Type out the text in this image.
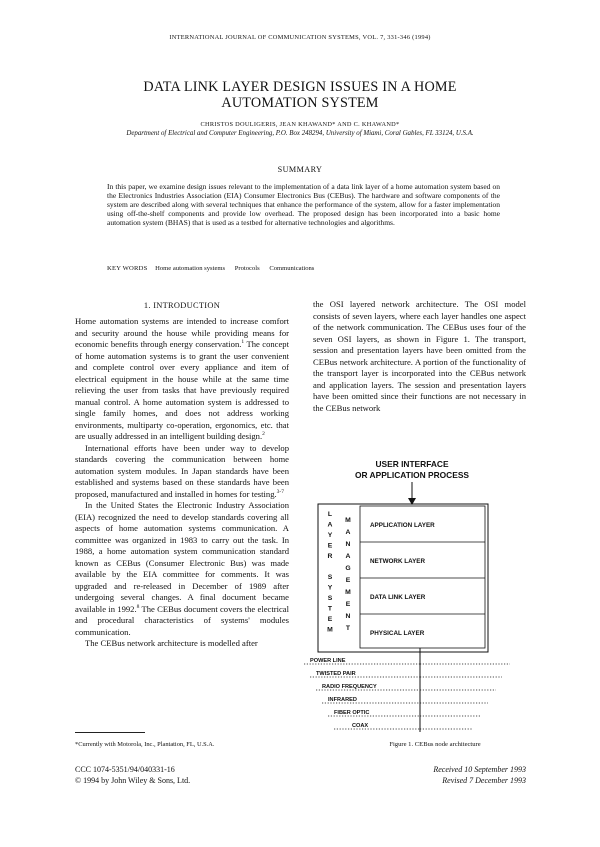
INTERNATIONAL JOURNAL OF COMMUNICATION SYSTEMS, VOL. 7, 331-346 (1994)
DATA LINK LAYER DESIGN ISSUES IN A HOME
AUTOMATION SYSTEM
CHRISTOS DOULIGERIS, JEAN KHAWAND* AND C. KHAWAND*
Department of Electrical and Computer Engineering, P.O. Box 248294, University of Miami, Coral Gables, FL 33124, U.S.A.
SUMMARY
In this paper, we examine design issues relevant to the implementation of a data link layer of a home automation system based on the Electronics Industries Association (EIA) Consumer Electronics Bus (CEBus). The hardware and software components of the system are described along with several techniques that enhance the performance of the system, allow for a faster implementation using off-the-shelf components and provide low overhead. The proposed design has been incorporated into a basic home automation system (BHAS) that is used as a testbed for alternative technologies and algorithms.
KEY WORDS Home automation systems Protocols Communications
1. INTRODUCTION

Home automation systems are intended to increase comfort and security around the house while providing means for economic benefits through energy conservation.$^1$ The concept of home automation systems is to grant the user convenient and complete control over every appliance and item of electrical equipment in the house while at the same time relieving the user from tasks that have previously required manual control. A home automation system is addressed to single family homes, and does not address working environments, multiparty co-operation, ergonomics, etc. that are usually addressed in an intelligent building design.$^2$

International efforts have been under way to develop standards covering the communication between home automation system modules. In Japan standards have been established and systems based on these standards have been proposed, manufactured and installed in homes for testing.$^{3-7}$

In the United States the Electronic Industry Association (EIA) recognized the need to develop standards covering all aspects of home automation systems communication. A committee was organized in 1983 to carry out the task. In 1988, a home automation system communication standard known as CEBus (Consumer Electronic Bus) was made available by the EIA committee for comments. It was upgraded and re-released in December of 1989 after undergoing several changes. A final document became available in 1992.$^8$ The CEBus document covers the electrical and procedural characteristics of systems' modules communication.

The CEBus network architecture is modelled after

the OSI layered network architecture. The OSI model consists of seven layers, where each layer handles one aspect of the network communication. The CEBus uses four of the seven OSI layers, as shown in Figure 1. The transport, session and presentation layers have been omitted from the CEBus network architecture. A portion of the functionality of the transport layer is incorporated into the CEBus network and application layers. The session and presentation layers have been omitted since their functions are not necessary in the CEBus network

USER INTERFACE
OR APPLICATION PROCESS
APPLICATION LAYER
NETWORK LAYER
DATA LINK LAYER
PHYSICAL LAYER
L
A
Y
E
R
S
Y
S
T
E
M
M
A
N
A
G
E
M
E
N
T
POWER LINE
TWISTED PAIR
RADIO FREQUENCY
INFRARED
FIBER OPTIC
COAX
Figure 1. CEBus node architecture
*Currently with Motorola, Inc., Plantation, FL, U.S.A.
CCC 1074-5351/94/040331-16
© 1994 by John Wiley & Sons, Ltd.
Received 10 September 1993
Revised 7 December 1993
